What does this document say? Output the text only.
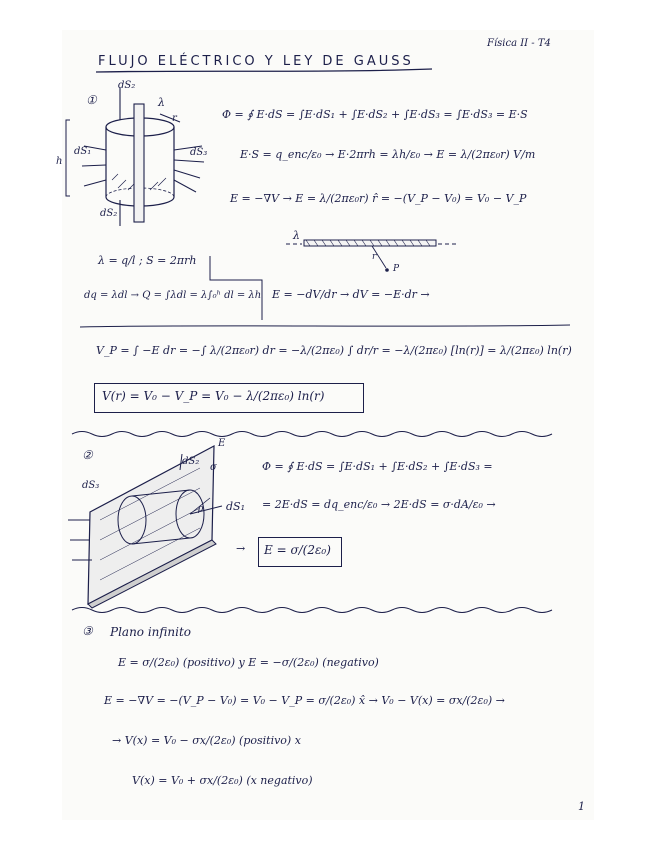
Física II - T4
FLUJO ELÉCTRICO Y LEY DE GAUSS
①
dS₂
λ
r
dS₁	dS₃
dS₂
h
Φ = ∮ E·dS = ∫E·dS₁ + ∫E·dS₂ + ∫E·dS₃ = ∫E·dS₃ = E·S
E·S = q_enc/ε₀ → E·2πrh = λh/ε₀ → E = λ/(2πε₀r) V/m
E = −∇V → E = λ/(2πε₀r) r̂ = −(V_P − V₀) = V₀ − V_P
λ
r
P
λ = q/l ; S = 2πrh
dq = λdl → Q = ∫λdl = λ∫₀ʰ dl = λh E = −dV/dr → dV = −E·dr →
V_P = ∫ −E dr = −∫ λ/(2πε₀r) dr = −λ/(2πε₀) ∫ dr/r = −λ/(2πε₀) [ln(r)] = λ/(2πε₀) ln(r)
V(r) = V₀ − V_P = V₀ − λ/(2πε₀) ln(r)
②
E
dS₂
σ
dS₃
dS₁
ρ
Φ = ∮ E·dS = ∫E·dS₁ + ∫E·dS₂ + ∫E·dS₃ =
= 2E·dS = dq_enc/ε₀ → 2E·dS = σ·dA/ε₀ →
→ E = σ/(2ε₀)
③ Plano infinito
E = σ/(2ε₀) (positivo) y E = −σ/(2ε₀) (negativo)
E = −∇V = −(V_P − V₀) = V₀ − V_P = σ/(2ε₀) x̂ → V₀ − V(x) = σx/(2ε₀) →
→ V(x) = V₀ − σx/(2ε₀) (positivo) x
V(x) = V₀ + σx/(2ε₀) (x negativo)
1
